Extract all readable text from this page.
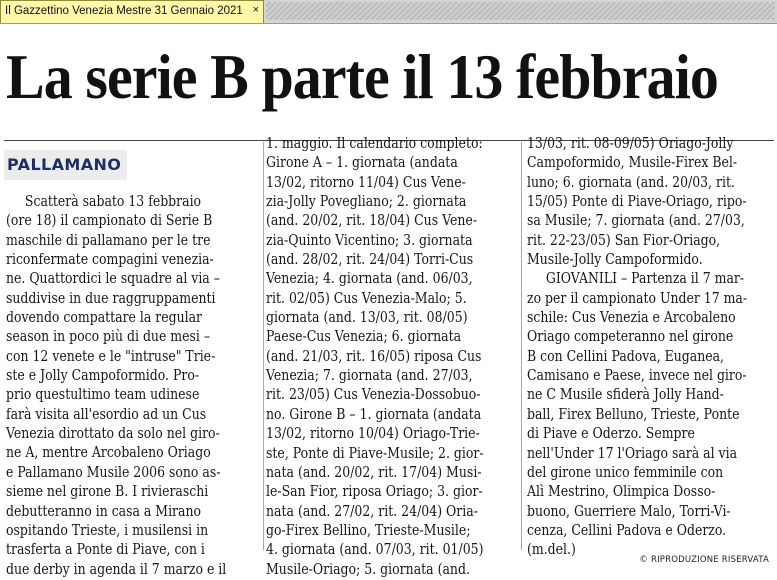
Il Gazzettino Venezia Mestre 31 Gennaio 2021 ×
La serie B parte il 13 febbraio
PALLAMANO
Scatterà sabato 13 febbraio
(ore 18) il campionato di Serie B
maschile di pallamano per le tre
riconfermate compagini venezia-
ne. Quattordici le squadre al via –
suddivise in due raggruppamenti
dovendo compattare la regular
season in poco più di due mesi –
con 12 venete e le "intruse" Trie-
ste e Jolly Campoformido. Pro-
prio questultimo team udinese
farà visita all'esordio ad un Cus
Venezia dirottato da solo nel giro-
ne A, mentre Arcobaleno Oriago
e Pallamano Musile 2006 sono as-
sieme nel girone B. I rivieraschi
debutteranno in casa a Mirano
ospitando Trieste, i musilensi in
trasferta a Ponte di Piave, con i
due derby in agenda il 7 marzo e il
1. maggio. Il calendario completo:
Girone A – 1. giornata (andata
13/02, ritorno 11/04) Cus Vene-
zia-Jolly Povegliano; 2. giornata
(and. 20/02, rit. 18/04) Cus Vene-
zia-Quinto Vicentino; 3. giornata
(and. 28/02, rit. 24/04) Torri-Cus
Venezia; 4. giornata (and. 06/03,
rit. 02/05) Cus Venezia-Malo; 5.
giornata (and. 13/03, rit. 08/05)
Paese-Cus Venezia; 6. giornata
(and. 21/03, rit. 16/05) riposa Cus
Venezia; 7. giornata (and. 27/03,
rit. 23/05) Cus Venezia-Dossobuo-
no. Girone B – 1. giornata (andata
13/02, ritorno 10/04) Oriago-Trie-
ste, Ponte di Piave-Musile; 2. gior-
nata (and. 20/02, rit. 17/04) Musi-
le-San Fior, riposa Oriago; 3. gior-
nata (and. 27/02, rit. 24/04) Oria-
go-Firex Bellino, Trieste-Musile;
4. giornata (and. 07/03, rit. 01/05)
Musile-Oriago; 5. giornata (and.
13/03, rit. 08-09/05) Oriago-Jolly
Campoformido, Musile-Firex Bel-
luno; 6. giornata (and. 20/03, rit.
15/05) Ponte di Piave-Oriago, ripo-
sa Musile; 7. giornata (and. 27/03,
rit. 22-23/05) San Fior-Oriago,
Musile-Jolly Campoformido.
GIOVANILI – Partenza il 7 mar-
zo per il campionato Under 17 ma-
schile: Cus Venezia e Arcobaleno
Oriago competeranno nel girone
B con Cellini Padova, Euganea,
Camisano e Paese, invece nel giro-
ne C Musile sfiderà Jolly Hand-
ball, Firex Belluno, Trieste, Ponte
di Piave e Oderzo. Sempre
nell'Under 17 l'Oriago sarà al via
del girone unico femminile con
Alì Mestrino, Olimpica Dosso-
buono, Guerriere Malo, Torri-Vi-
cenza, Cellini Padova e Oderzo.
(m.del.)
© RIPRODUZIONE RISERVATA
